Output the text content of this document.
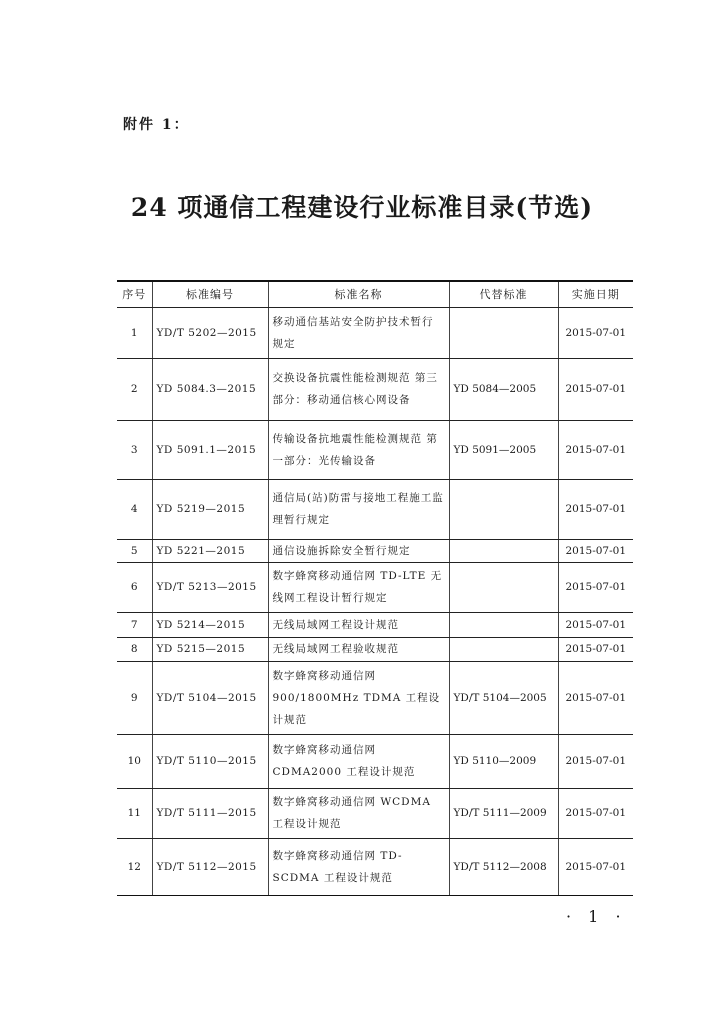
附件 1：
24 项通信工程建设行业标准目录(节选)
序号	标准编号	标准名称	代替标准	实施日期
1	YD/T 5202—2015	移动通信基站安全防护技术暂行规定		2015-07-01
2	YD 5084.3—2015	交换设备抗震性能检测规范 第三部分：移动通信核心网设备	YD 5084—2005	2015-07-01
3	YD 5091.1—2015	传输设备抗地震性能检测规范 第一部分：光传输设备	YD 5091—2005	2015-07-01
4	YD 5219—2015	通信局(站)防雷与接地工程施工监理暂行规定		2015-07-01
5	YD 5221—2015	通信设施拆除安全暂行规定		2015-07-01
6	YD/T 5213—2015	数字蜂窝移动通信网 TD-LTE 无线网工程设计暂行规定		2015-07-01
7	YD 5214—2015	无线局域网工程设计规范		2015-07-01
8	YD 5215—2015	无线局域网工程验收规范		2015-07-01
9	YD/T 5104—2015	数字蜂窝移动通信网 900/1800MHz TDMA 工程设计规范	YD/T 5104—2005	2015-07-01
10	YD/T 5110—2015	数字蜂窝移动通信网 CDMA2000 工程设计规范	YD 5110—2009	2015-07-01
11	YD/T 5111—2015	数字蜂窝移动通信网 WCDMA 工程设计规范	YD/T 5111—2009	2015-07-01
12	YD/T 5112—2015	数字蜂窝移动通信网 TD-SCDMA 工程设计规范	YD/T 5112—2008	2015-07-01
· 1 ·
